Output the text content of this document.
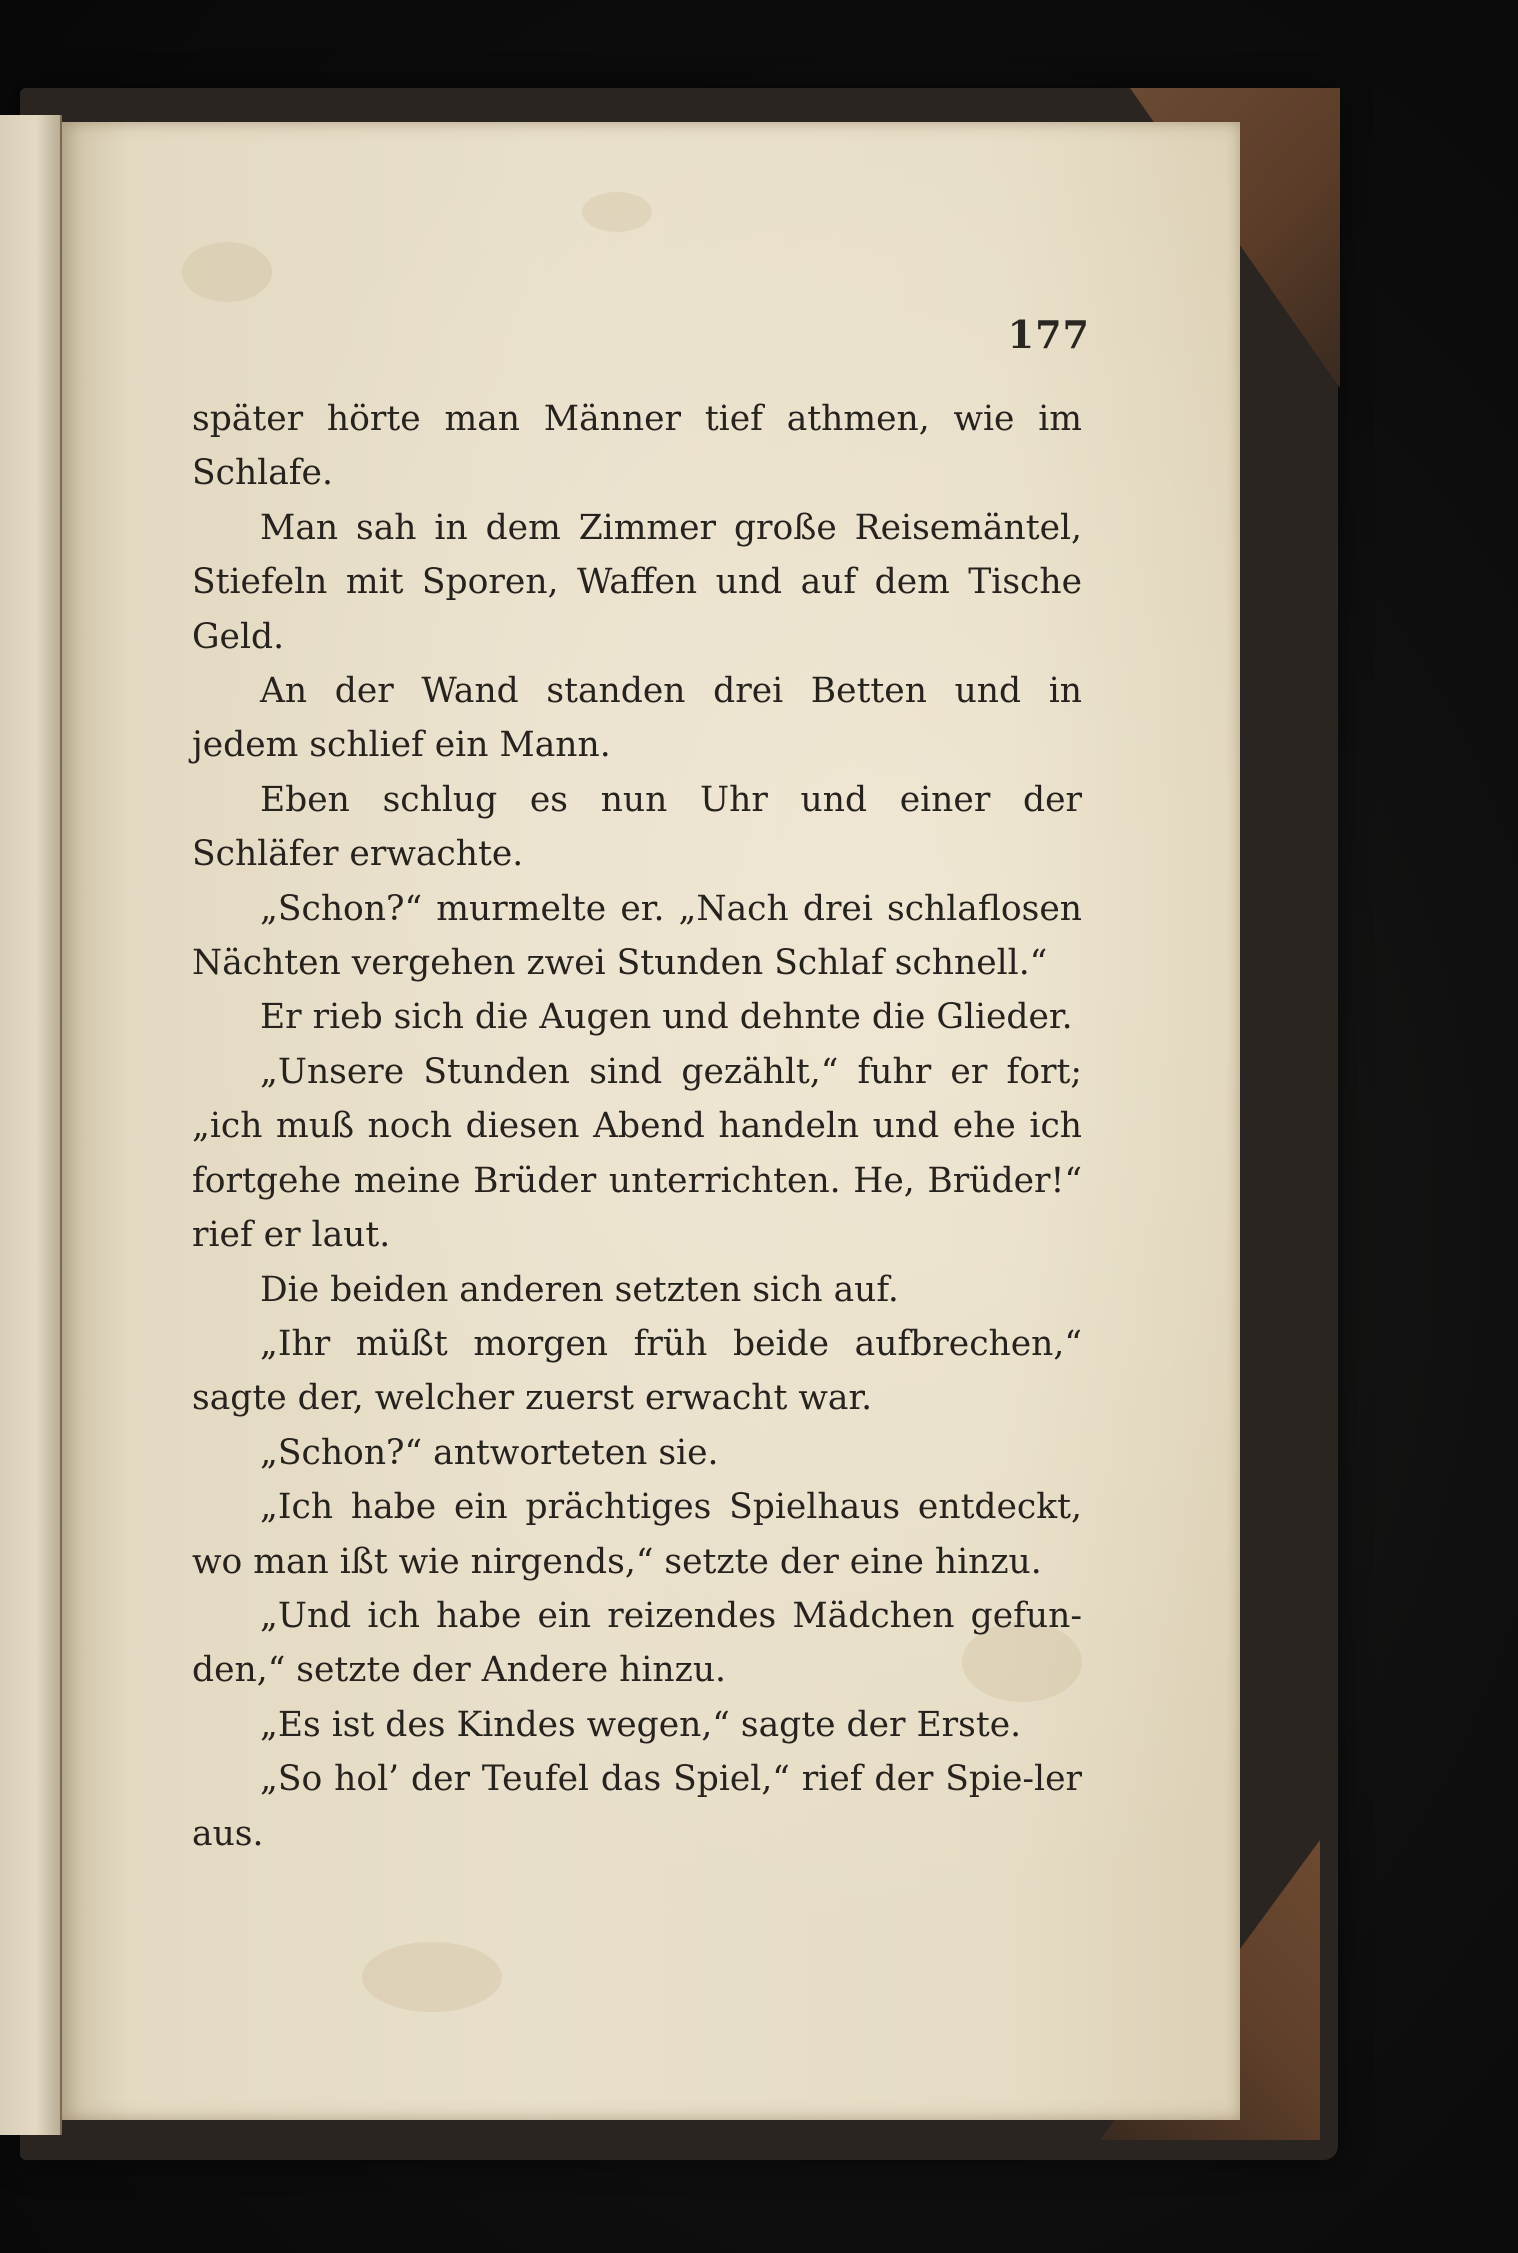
177

später hörte man Männer tief athmen, wie im Schlafe.

Man sah in dem Zimmer große Reisemäntel, Stiefeln mit Sporen, Waffen und auf dem Tische Geld.

An der Wand standen drei Betten und in jedem schlief ein Mann.

Eben schlug es nun Uhr und einer der Schläfer erwachte.

„Schon?“ murmelte er. „Nach drei schlaflosen Nächten vergehen zwei Stunden Schlaf schnell.“

Er rieb sich die Augen und dehnte die Glieder.

„Unsere Stunden sind gezählt,“ fuhr er fort; „ich muß noch diesen Abend handeln und ehe ich fortgehe meine Brüder unterrichten. He, Brüder!“ rief er laut.

Die beiden anderen setzten sich auf.

„Ihr müßt morgen früh beide aufbrechen,“ sagte der, welcher zuerst erwacht war.

„Schon?“ antworteten sie.

„Ich habe ein prächtiges Spielhaus entdeckt, wo man ißt wie nirgends,“ setzte der eine hinzu.

„Und ich habe ein reizendes Mädchen gefun-den,“ setzte der Andere hinzu.

„Es ist des Kindes wegen,“ sagte der Erste.

„So hol’ der Teufel das Spiel,“ rief der Spie-ler aus.
